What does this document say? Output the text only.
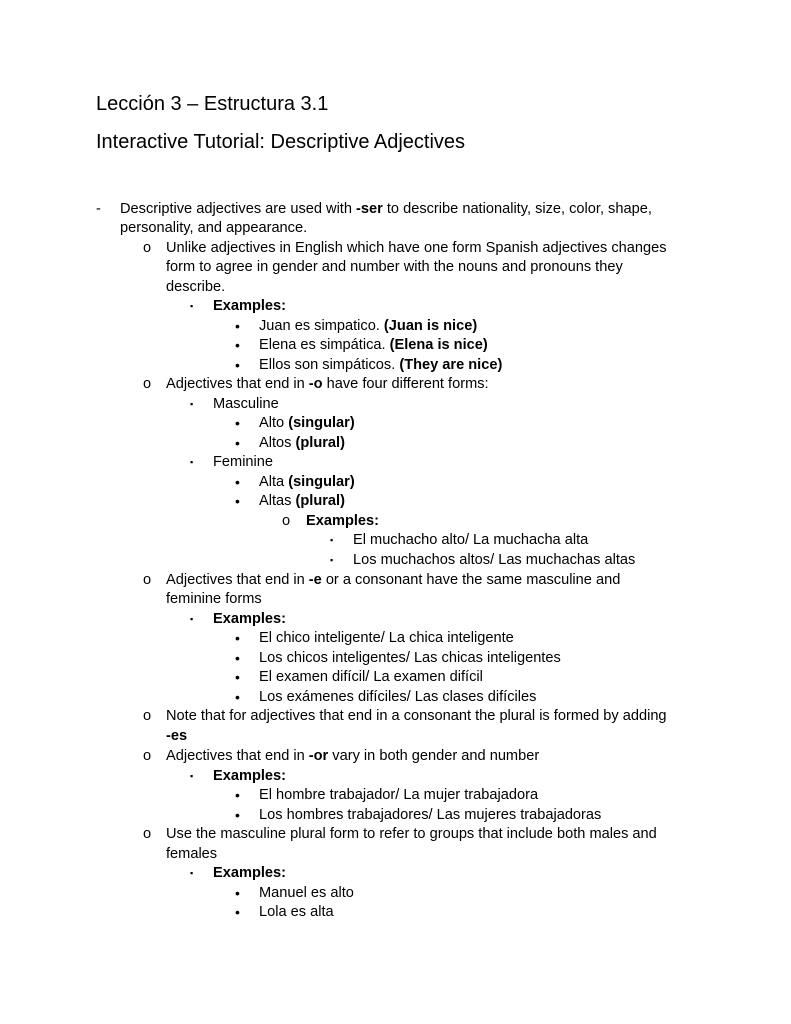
Lección 3 – Estructura 3.1
Interactive Tutorial: Descriptive Adjectives
- Descriptive adjectives are used with -ser to describe nationality, size, color, shape,
personality, and appearance.
o Unlike adjectives in English which have one form Spanish adjectives changes
form to agree in gender and number with the nouns and pronouns they
describe.
▪ Examples:
• Juan es simpatico. (Juan is nice)
• Elena es simpática. (Elena is nice)
• Ellos son simpáticos. (They are nice)
o Adjectives that end in -o have four different forms:
▪ Masculine
• Alto (singular)
• Altos (plural)
▪ Feminine
• Alta (singular)
• Altas (plural)
o Examples:
▪ El muchacho alto/ La muchacha alta
▪ Los muchachos altos/ Las muchachas altas
o Adjectives that end in -e or a consonant have the same masculine and
feminine forms
▪ Examples:
• El chico inteligente/ La chica inteligente
• Los chicos inteligentes/ Las chicas inteligentes
• El examen difícil/ La examen difícil
• Los exámenes difíciles/ Las clases difíciles
o Note that for adjectives that end in a consonant the plural is formed by adding
-es
o Adjectives that end in -or vary in both gender and number
▪ Examples:
• El hombre trabajador/ La mujer trabajadora
• Los hombres trabajadores/ Las mujeres trabajadoras
o Use the masculine plural form to refer to groups that include both males and
females
▪ Examples:
• Manuel es alto
• Lola es alta
